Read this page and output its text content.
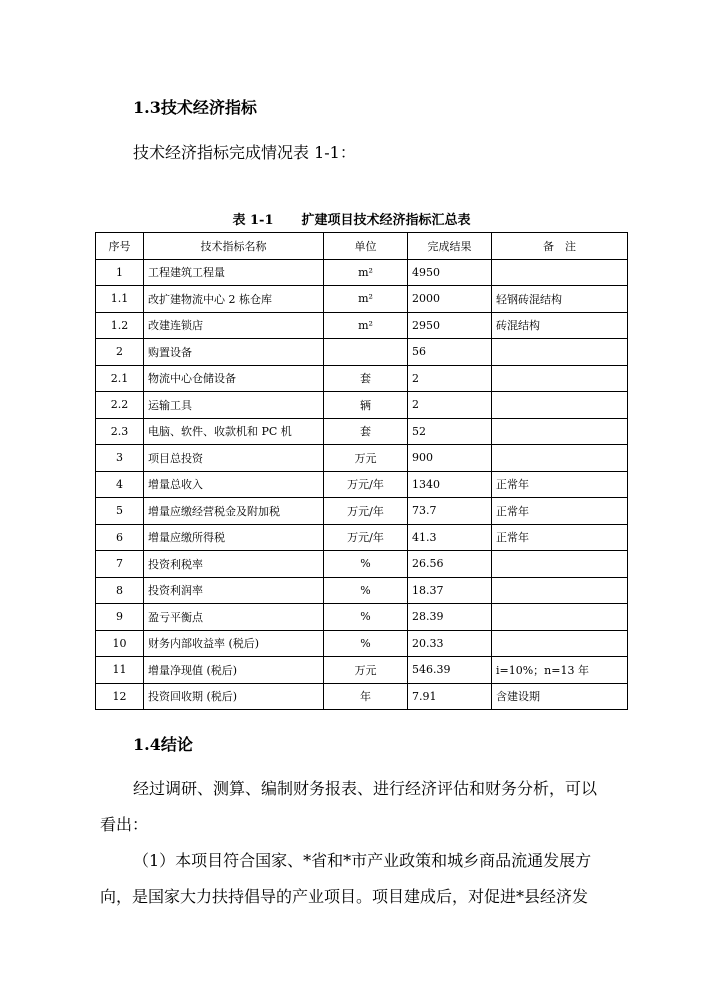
1.3技术经济指标
技术经济指标完成情况表 1-1：
表 1-1 扩建项目技术经济指标汇总表
序号	技术指标名称	单位	完成结果	备　注
1	工程建筑工程量	m²	4950	
1.1	改扩建物流中心 2 栋仓库	m²	2000	轻钢砖混结构
1.2	改建连锁店	m²	2950	砖混结构
2	购置设备		56	
2.1	物流中心仓储设备	套	2	
2.2	运输工具	辆	2	
2.3	电脑、软件、收款机和 PC 机	套	52	
3	项目总投资	万元	900	
4	增量总收入	万元/年	1340	正常年
5	增量应缴经营税金及附加税	万元/年	73.7	正常年
6	增量应缴所得税	万元/年	41.3	正常年
7	投资利税率	%	26.56	
8	投资利润率	%	18.37	
9	盈亏平衡点	%	28.39	
10	财务内部收益率 (税后)	%	20.33	
11	增量净现值 (税后)	万元	546.39	i=10%；n=13 年
12	投资回收期 (税后)	年	7.91	含建设期
1.4结论
经过调研、测算、编制财务报表、进行经济评估和财务分析，可以
看出：
（1）本项目符合国家、*省和*市产业政策和城乡商品流通发展方
向，是国家大力扶持倡导的产业项目。项目建成后，对促进*县经济发
